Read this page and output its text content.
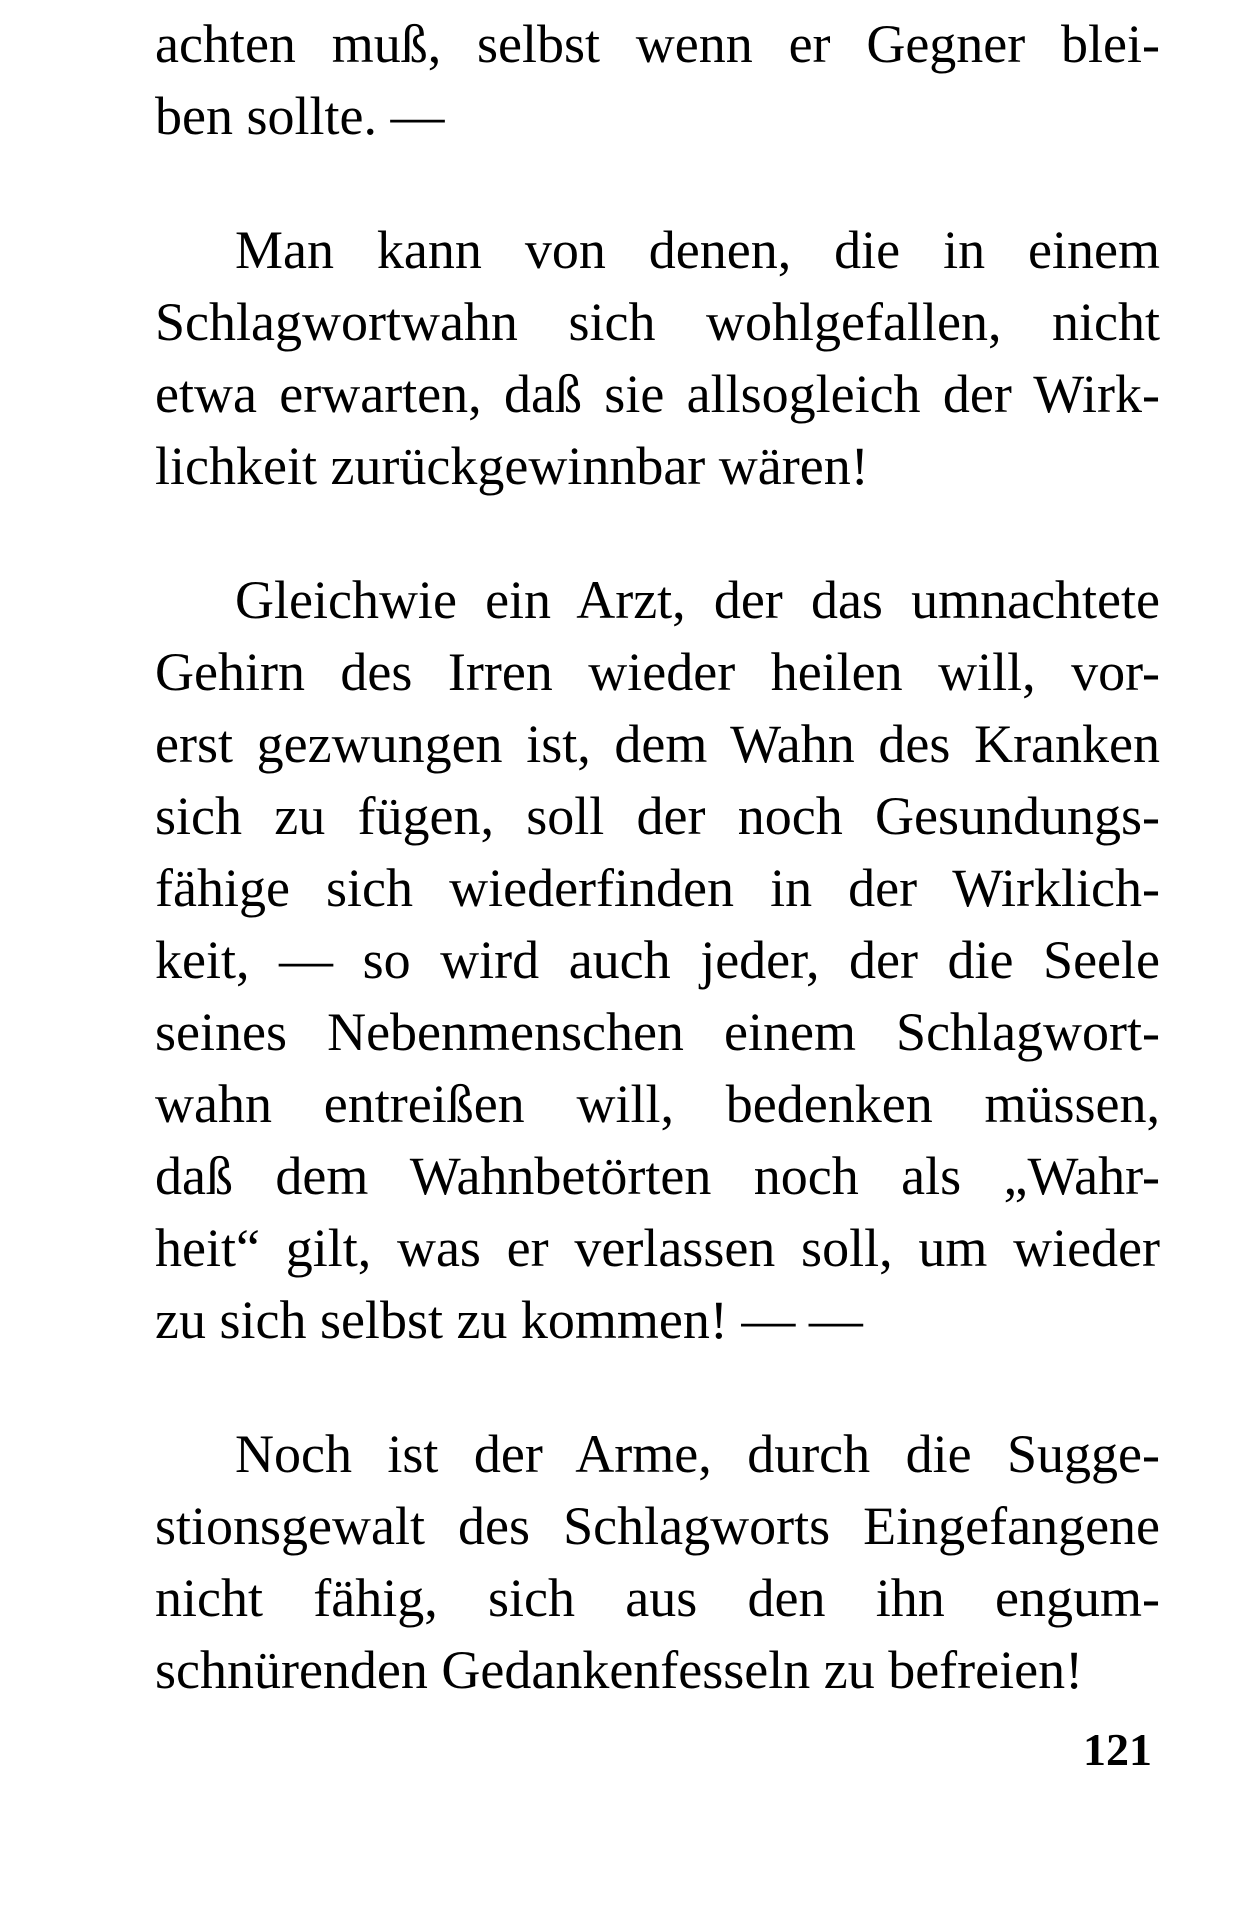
achten muß, selbst wenn er Gegner blei-
ben sollte. —
Man kann von denen, die in einem
Schlagwortwahn sich wohlgefallen, nicht
etwa erwarten, daß sie allsogleich der Wirk-
lichkeit zurückgewinnbar wären!
Gleichwie ein Arzt, der das umnachtete
Gehirn des Irren wieder heilen will, vor-
erst gezwungen ist, dem Wahn des Kranken
sich zu fügen, soll der noch Gesundungs-
fähige sich wiederfinden in der Wirklich-
keit, — so wird auch jeder, der die Seele
seines Nebenmenschen einem Schlagwort-
wahn entreißen will, bedenken müssen,
daß dem Wahnbetörten noch als „Wahr-
heit“ gilt, was er verlassen soll, um wieder
zu sich selbst zu kommen! — —
Noch ist der Arme, durch die Sugge-
stionsgewalt des Schlagworts Eingefangene
nicht fähig, sich aus den ihn engum-
schnürenden Gedankenfesseln zu befreien!
121
